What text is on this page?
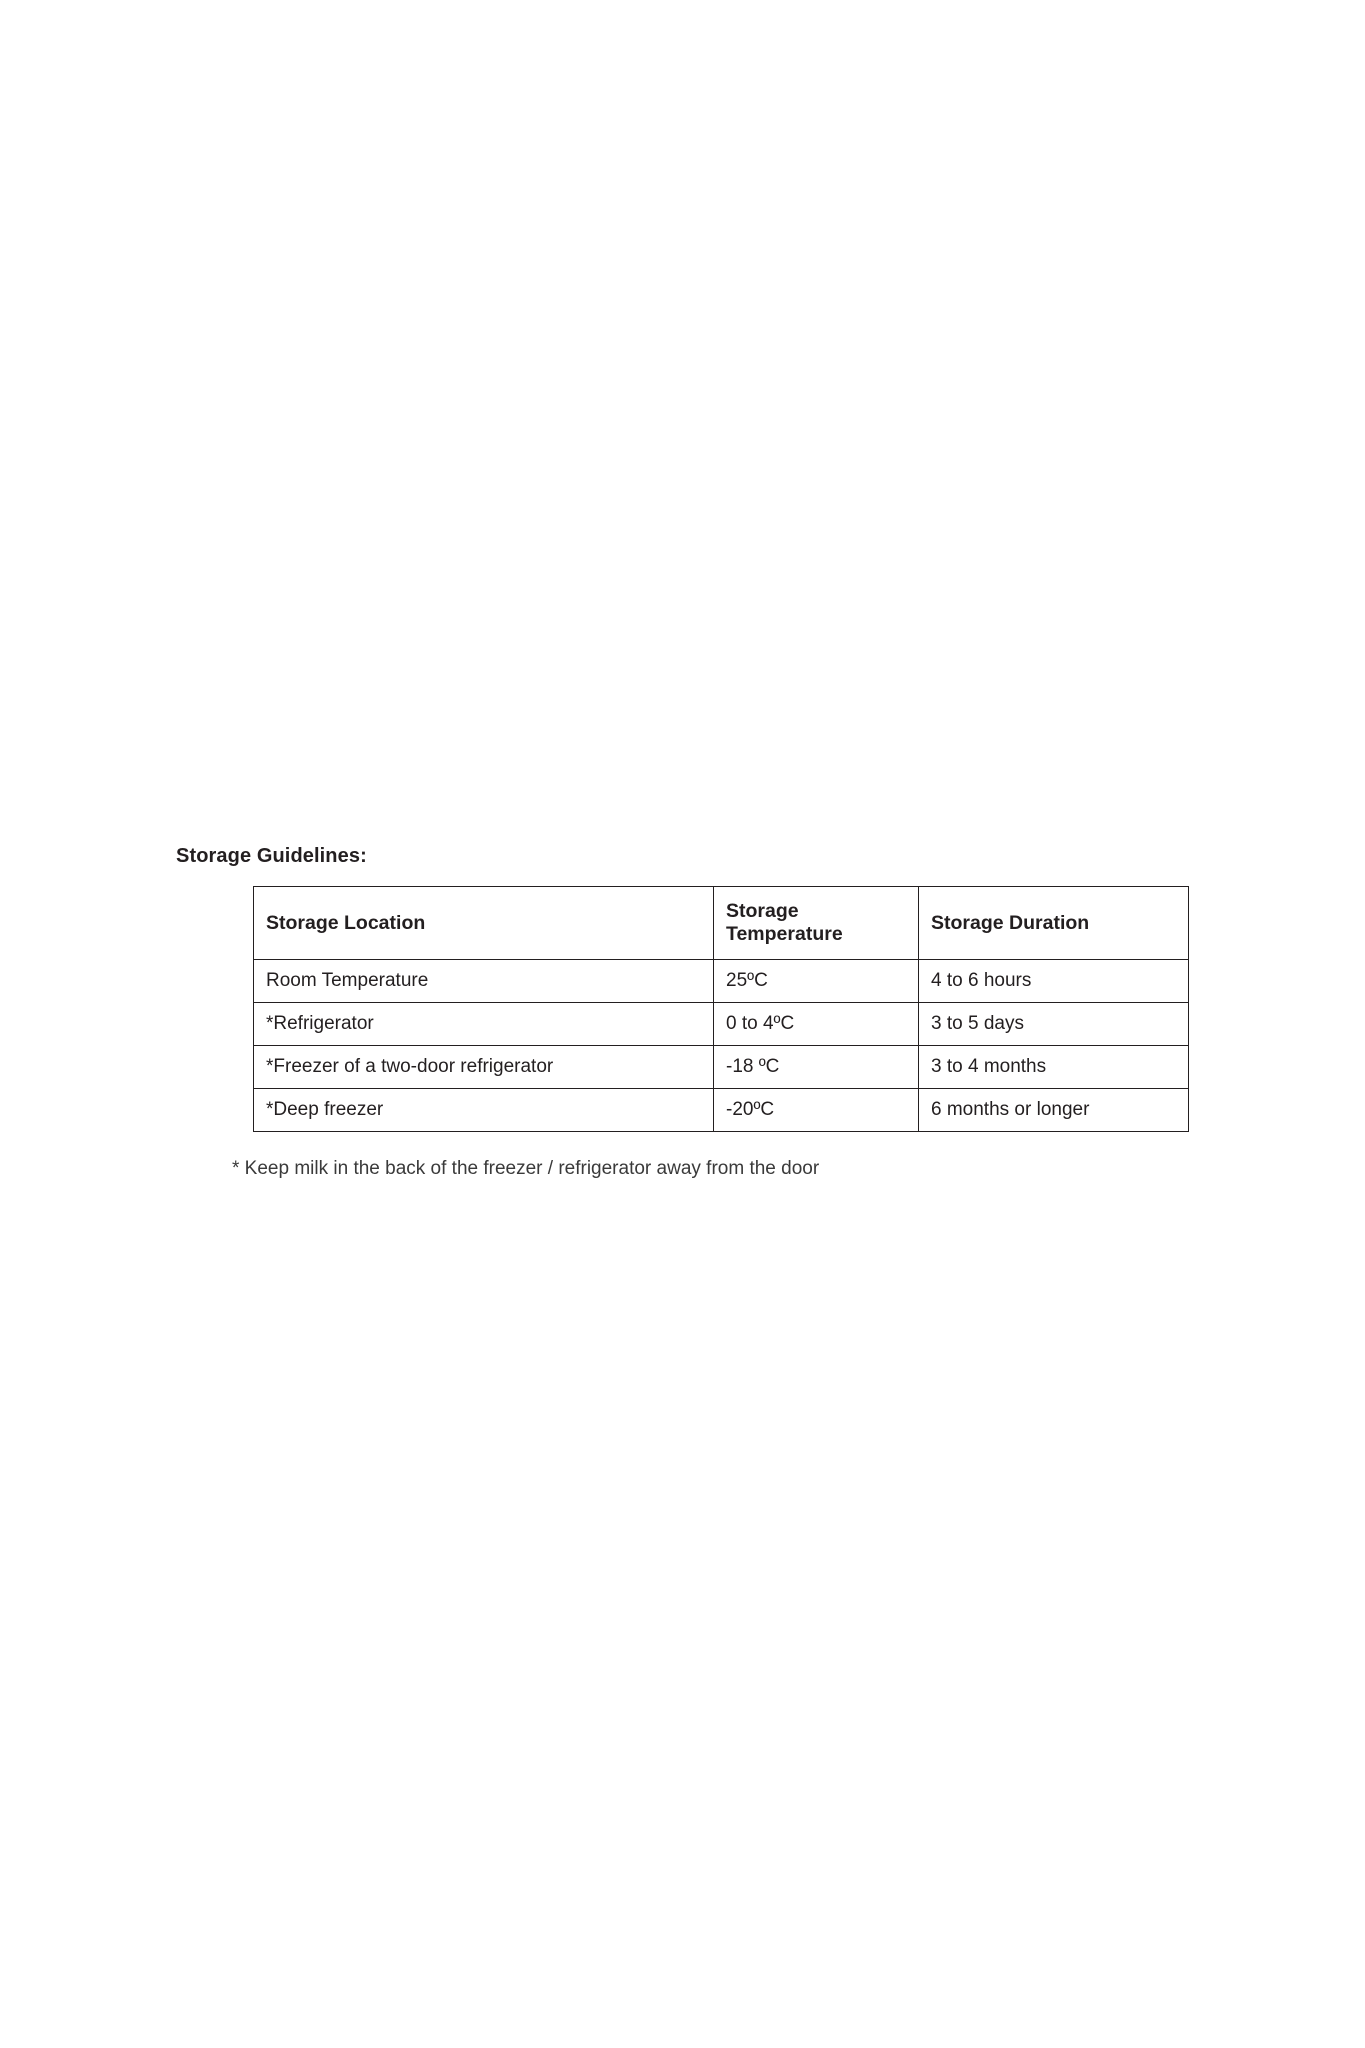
Storage Guidelines:
Storage Location	Storage Temperature	Storage Duration
Room Temperature	25ºC	4 to 6 hours
*Refrigerator	0 to 4ºC	3 to 5 days
*Freezer of a two-door refrigerator	-18 ºC	3 to 4 months
*Deep freezer	-20ºC	6 months or longer
* Keep milk in the back of the freezer / refrigerator away from the door
